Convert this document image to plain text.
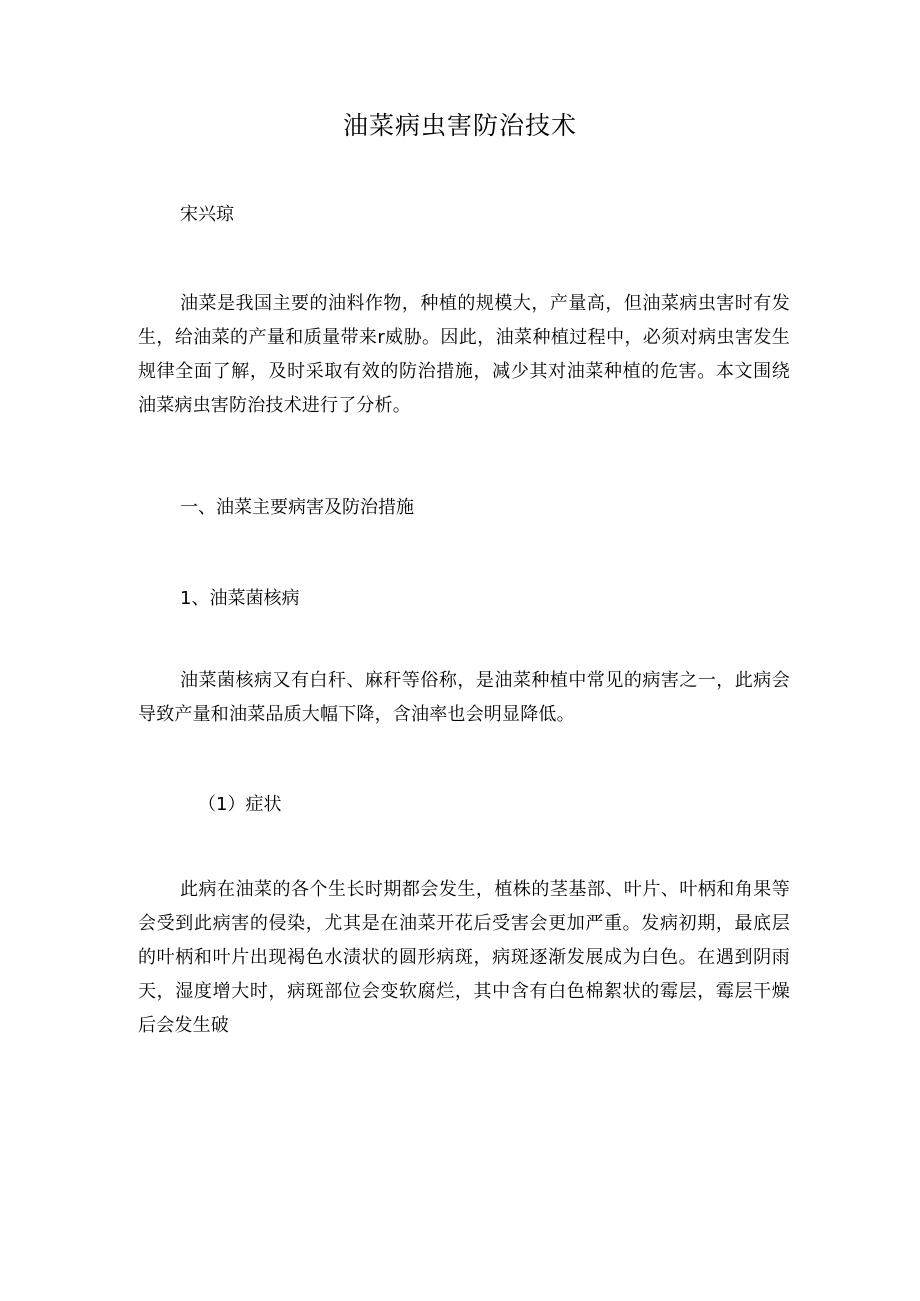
油菜病虫害防治技术

宋兴琼

油菜是我国主要的油料作物，种植的规模大，产量高，但油菜病虫害时有发生，给油菜的产量和质量带来r威胁。因此，油菜种植过程中，必须对病虫害发生规律全面了解，及时采取有效的防治措施，减少其对油菜种植的危害。本文围绕油菜病虫害防治技术进行了分析。

一、油菜主要病害及防治措施

1、油菜菌核病

油菜菌核病又有白秆、麻秆等俗称，是油菜种植中常见的病害之一，此病会导致产量和油菜品质大幅下降，含油率也会明显降低。

（1）症状

此病在油菜的各个生长时期都会发生，植株的茎基部、叶片、叶柄和角果等会受到此病害的侵染，尤其是在油菜开花后受害会更加严重。发病初期，最底层的叶柄和叶片出现褐色水渍状的圆形病斑，病斑逐渐发展成为白色。在遇到阴雨天，湿度增大时，病斑部位会变软腐烂，其中含有白色棉絮状的霉层，霉层干燥后会发生破
